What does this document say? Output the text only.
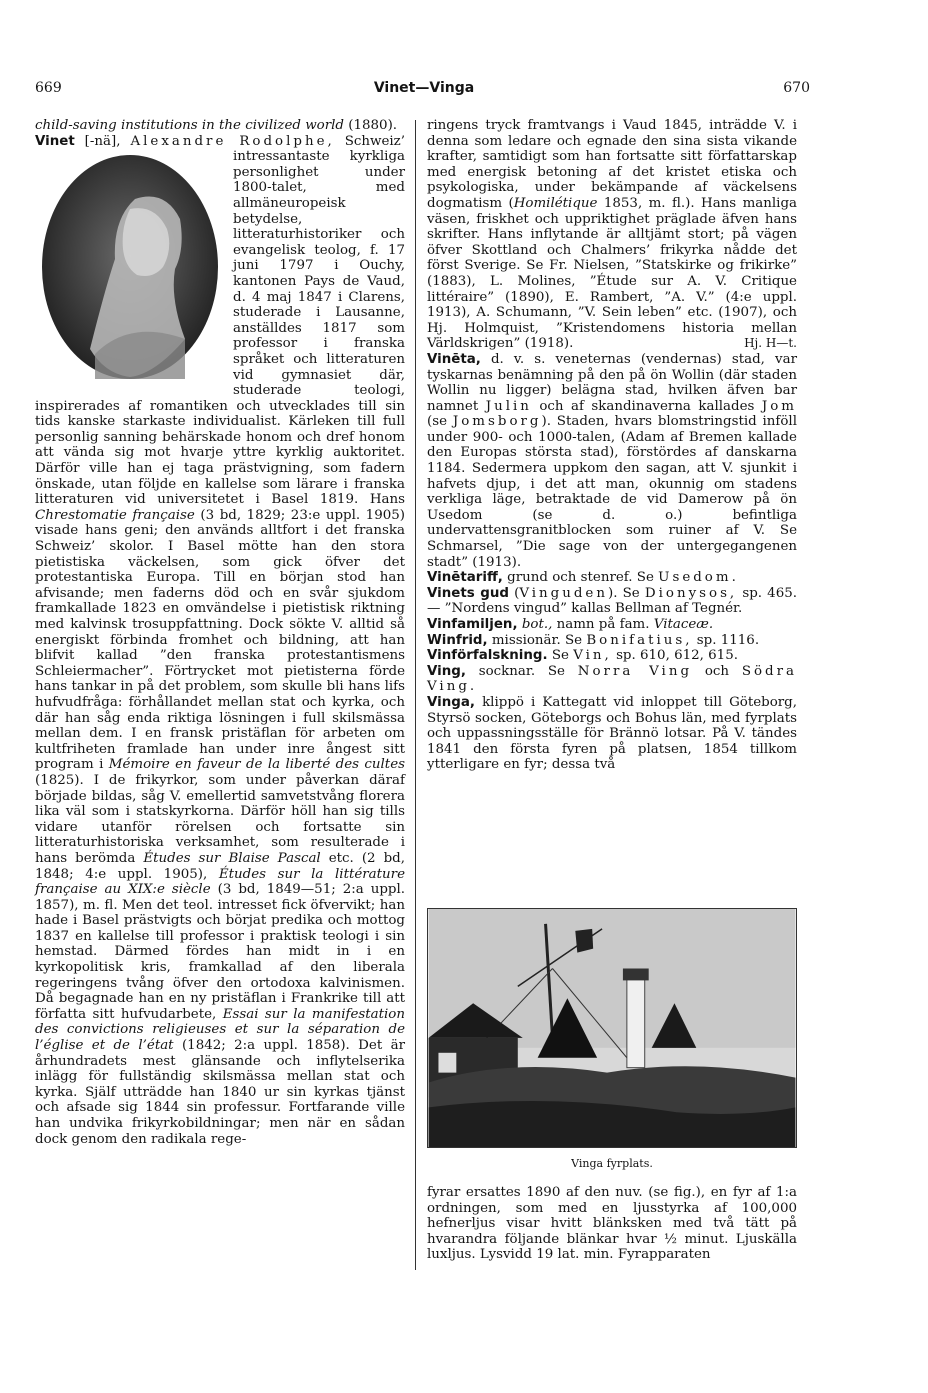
669	Vinet—Vinga	670

child-saving institutions in the civilized world (1880).

Vinet [-nä], Alexandre Rodolphe, Schweiz’ intressantaste kyrkliga personlighet under 1800-talet, med allmäneuropeisk betydelse, litteraturhistoriker och evangelisk teolog, f. 17 juni 1797 i Ouchy, kantonen Pays de Vaud, d. 4 maj 1847 i Clarens, studerade i Lausanne, anställdes 1817 som professor i franska språket och litteraturen vid gymnasiet där, studerade teologi, inspirerades af romantiken och utvecklades till sin tids kanske starkaste individualist. Kärleken till full personlig sanning behärskade honom och dref honom att vända sig mot hvarje yttre kyrklig auktoritet. Därför ville han ej taga prästvigning, som fadern önskade, utan följde en kallelse som lärare i franska litteraturen vid universitetet i Basel 1819. Hans Chrestomatie française (3 bd, 1829; 23:e uppl. 1905) visade hans geni; den används alltfort i det franska Schweiz’ skolor. I Basel mötte han den stora pietistiska väckelsen, som gick öfver det protestantiska Europa. Till en början stod han afvisande; men faderns död och en svår sjukdom framkallade 1823 en omvändelse i pietistisk riktning med kalvinsk trosuppfattning. Dock sökte V. alltid så energiskt förbinda fromhet och bildning, att han blifvit kallad ”den franska protestantismens Schleiermacher”. Förtrycket mot pietisterna förde hans tankar in på det problem, som skulle bli hans lifs hufvudfråga: förhållandet mellan stat och kyrka, och där han såg enda riktiga lösningen i full skilsmässa mellan dem. I en fransk pristäflan för arbeten om kultfriheten framlade han under inre ångest sitt program i Mémoire en faveur de la liberté des cultes (1825). I de frikyrkor, som under påverkan däraf började bildas, såg V. emellertid samvetstvång florera lika väl som i statskyrkorna. Därför höll han sig tills vidare utanför rörelsen och fortsatte sin litteraturhistoriska verksamhet, som resulterade i hans berömda Études sur Blaise Pascal etc. (2 bd, 1848; 4:e uppl. 1905), Études sur la littérature française au XIX:e siècle (3 bd, 1849—51; 2:a uppl. 1857), m. fl. Men det teol. intresset fick öfvervikt; han hade i Basel prästvigts och börjat predika och mottog 1837 en kallelse till professor i praktisk teologi i sin hemstad. Därmed fördes han midt in i en kyrkopolitisk kris, framkallad af den liberala regeringens tvång öfver den ortodoxa kalvinismen. Då begagnade han en ny pristäflan i Frankrike till att författa sitt hufvudarbete, Essai sur la manifestation des convictions religieuses et sur la séparation de l’église et de l’état (1842; 2:a uppl. 1858). Det är århundradets mest glänsande och inflytelserika inlägg för fullständig skilsmässa mellan stat och kyrka. Själf utträdde han 1840 ur sin kyrkas tjänst och afsade sig 1844 sin professur. Fortfarande ville han undvika frikyrkobildningar; men när en sådan dock genom den radikala rege-

ringens tryck framtvangs i Vaud 1845, inträdde V. i denna som ledare och egnade den sina sista vikande krafter, samtidigt som han fortsatte sitt författarskap med energisk betoning af det kristet etiska och psykologiska, under bekämpande af väckelsens dogmatism (Homilétique 1853, m. fl.). Hans manliga väsen, friskhet och uppriktighet präglade äfven hans skrifter. Hans inflytande är alltjämt stort; på vägen öfver Skottland och Chalmers’ frikyrka nådde det först Sverige. Se Fr. Nielsen, ”Statskirke og frikirke” (1883), L. Molines, ”Étude sur A. V. Critique littéraire” (1890), E. Rambert, ”A. V.” (4:e uppl. 1913), A. Schumann, ”V. Sein leben” etc. (1907), och Hj. Holmquist, ”Kristendomens historia mellan Världskrigen” (1918).	Hj. H—t.

Vinēta, d. v. s. veneternas (vendernas) stad, var tyskarnas benämning på den på ön Wollin (där staden Wollin nu ligger) belägna stad, hvilken äfven bar namnet Julin och af skandinaverna kallades Jom (se Jomsborg). Staden, hvars blomstringstid inföll under 900- och 1000-talen, (Adam af Bremen kallade den Europas största stad), förstördes af danskarna 1184. Sedermera uppkom den sagan, att V. sjunkit i hafvets djup, i det att man, okunnig om stadens verkliga läge, betraktade de vid Damerow på ön Usedom (se d. o.) befintliga undervattensgranitblocken som ruiner af V. Se Schmarsel, ”Die sage von der untergegangenen stadt” (1913).

Vinētariff, grund och stenref. Se Usedom.

Vinets gud (Vinguden). Se Dionysos, sp. 465. — ”Nordens vingud” kallas Bellman af Tegnér.

Vinfamiljen, bot., namn på fam. Vitaceæ.

Winfrid, missionär. Se Bonifatius, sp. 1116.

Vinförfalskning. Se Vin, sp. 610, 612, 615.

Ving, socknar. Se Norra Ving och Södra Ving.

Vinga, klippö i Kattegatt vid inloppet till Göteborg, Styrsö socken, Göteborgs och Bohus län, med fyrplats och uppassningsställe för Brännö lotsar. På V. tändes 1841 den första fyren på platsen, 1854 tillkom ytterligare en fyr; dessa två

Vinga fyrplats.
fyrar ersattes 1890 af den nuv. (se fig.), en fyr af 1:a ordningen, som med en ljusstyrka af 100,000 hefnerljus visar hvitt blänksken med två tätt på hvarandra följande blänkar hvar ½ minut. Ljuskälla luxljus. Lysvidd 19 lat. min. Fyrapparaten
